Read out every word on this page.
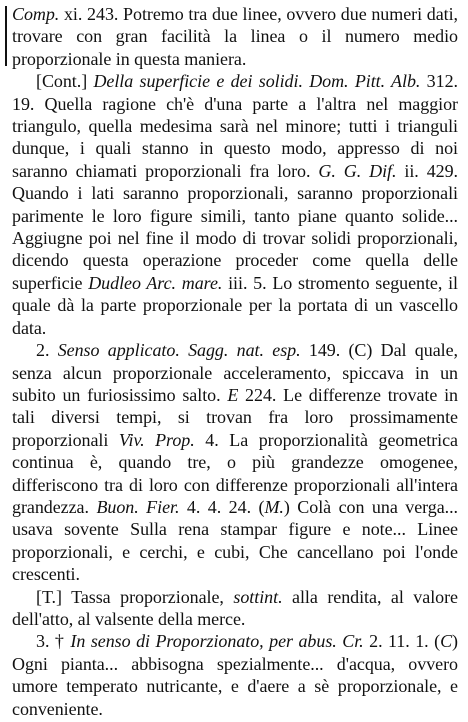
Comp. xi. 243. Potremo tra due linee, ovvero due numeri dati, trovare con gran facilità la linea o il numero medio proporzionale in questa maniera.

[Cont.] Della superficie e dei solidi. Dom. Pitt. Alb. 312. 19. Quella ragione ch'è d'una parte a l'altra nel maggior triangulo, quella medesima sarà nel minore; tutti i trianguli dunque, i quali stanno in questo modo, appresso di noi saranno chiamati proporzionali fra loro. G. G. Dif. ii. 429. Quando i lati saranno proporzionali, saranno proporzionali parimente le loro figure simili, tanto piane quanto solide... Aggiugne poi nel fine il modo di trovar solidi proporzionali, dicendo questa operazione proceder come quella delle superficie Dudleo Arc. mare. iii. 5. Lo stromento seguente, il quale dà la parte proporzionale per la portata di un vascello data.

2. Senso applicato. Sagg. nat. esp. 149. (C) Dal quale, senza alcun proporzionale acceleramento, spiccava in un subito un furiosissimo salto. E 224. Le differenze trovate in tali diversi tempi, si trovan fra loro prossimamente proporzionali Viv. Prop. 4. La proporzionalità geometrica continua è, quando tre, o più grandezze omogenee, differiscono tra di loro con differenze proporzionali all'intera grandezza. Buon. Fier. 4. 4. 24. (M.) Colà con una verga... usava sovente Sulla rena stampar figure e note... Linee proporzionali, e cerchi, e cubi, Che cancellano poi l'onde crescenti.

[T.] Tassa proporzionale, sottint. alla rendita, al valore dell'atto, al valsente della merce.

3. † In senso di Proporzionato, per abus. Cr. 2. 11. 1. (C) Ogni pianta... abbisogna spezialmente... d'acqua, ovvero umore temperato nutricante, e d'aere a sè proporzionale, e conveniente.
